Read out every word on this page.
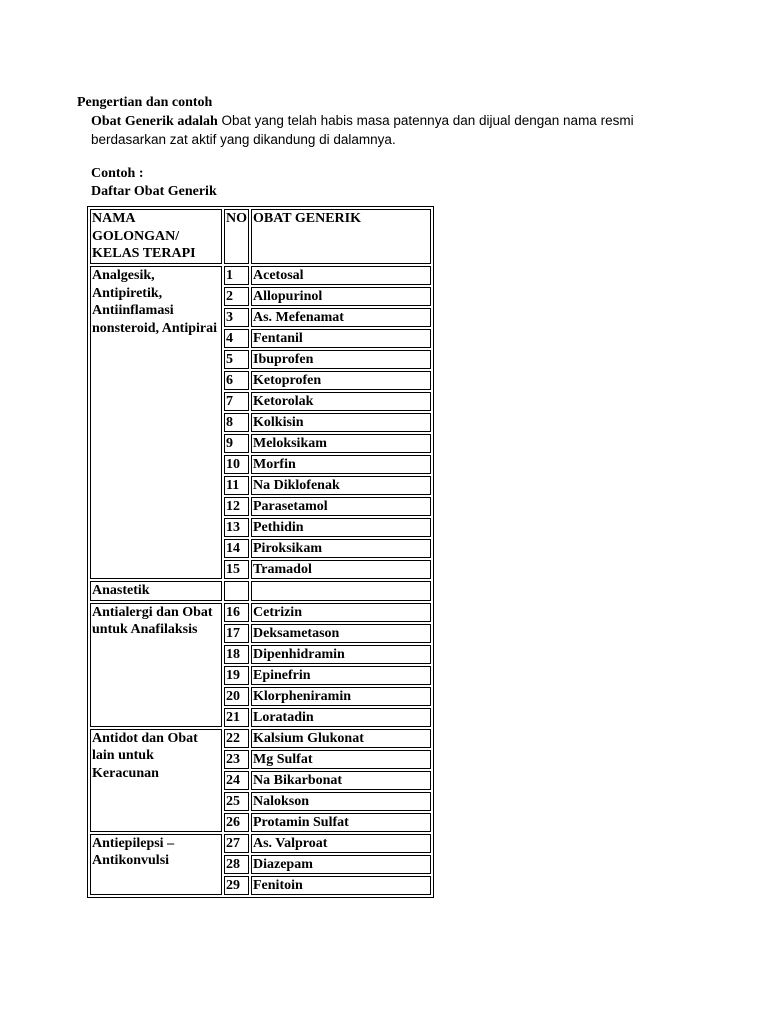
Pengertian dan contoh
Obat Generik adalah Obat yang telah habis masa patennya dan dijual dengan nama resmi berdasarkan zat aktif yang dikandung di dalamnya.
Contoh :
Daftar Obat Generik
NAMA GOLONGAN/ KELAS TERAPI	NO	OBAT GENERIK
Analgesik, Antipiretik, Antiinflamasi nonsteroid, Antipirai	1	Acetosal
	2	Allopurinol
	3	As. Mefenamat
	4	Fentanil
	5	Ibuprofen
	6	Ketoprofen
	7	Ketorolak
	8	Kolkisin
	9	Meloksikam
	10	Morfin
	11	Na Diklofenak
	12	Parasetamol
	13	Pethidin
	14	Piroksikam
	15	Tramadol
Anastetik		
Antialergi dan Obat untuk Anafilaksis	16	Cetrizin
	17	Deksametason
	18	Dipenhidramin
	19	Epinefrin
	20	Klorpheniramin
	21	Loratadin
Antidot dan Obat lain untuk Keracunan	22	Kalsium Glukonat
	23	Mg Sulfat
	24	Na Bikarbonat
	25	Nalokson
	26	Protamin Sulfat
Antiepilepsi – Antikonvulsi	27	As. Valproat
	28	Diazepam
	29	Fenitoin
